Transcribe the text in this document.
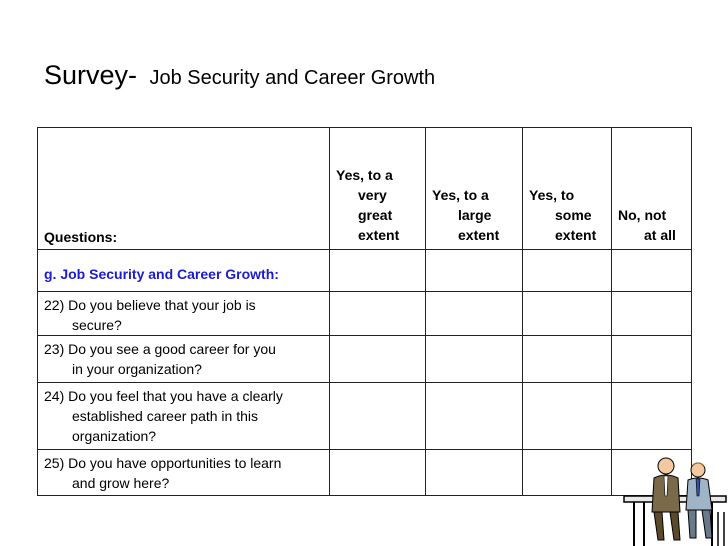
Survey- Job Security and Career Growth
Questions:	Yes, to a
very
great
extent	Yes, to a
large
extent	Yes, to
some
extent	No, not
at all

g. Job Security and Career Growth:				

22) Do you believe that your job is
secure?				

23) Do you see a good career for you
in your organization?				

24) Do you feel that you have a clearly
established career path in this
organization?				

25) Do you have opportunities to learn
and grow here?				
